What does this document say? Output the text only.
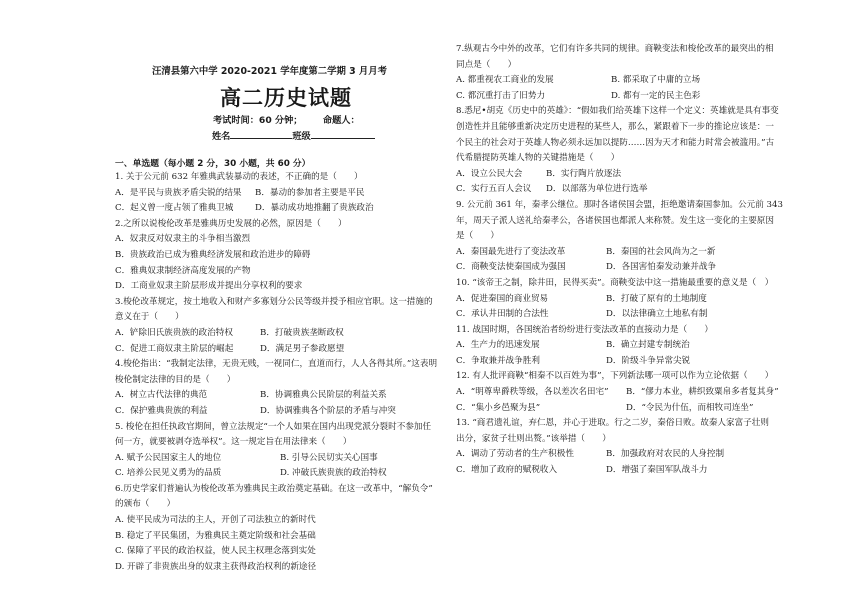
汪清县第六中学 2020-2021 学年度第二学期 3 月月考
高二历史试题
考试时间：60 分钟； 命题人：
姓名	班级
一、单选题（每小题 2 分，30 小题，共 60 分）
1. 关于公元前 632 年雅典武装暴动的表述，不正确的是（　　）
A．是平民与贵族矛盾尖锐的结果	B．暴动的参加者主要是平民
C．起义曾一度占领了雅典卫城	D．暴动成功地推翻了贵族政治
2.之所以说梭伦改革是雅典历史发展的必然，原因是（　　）
A．奴隶反对奴隶主的斗争相当激烈
B．贵族政治已成为雅典经济发展和政治进步的障碍
C．雅典奴隶制经济高度发展的产物
D．工商业奴隶主阶层形成并提出分享权利的要求
3.梭伦改革规定，按土地收入和财产多寡划分公民等级并授予相应官职。这一措施的
意义在于（　　）
A．铲除旧氏族贵族的政治特权	B．打破贵族垄断政权
C．促进工商奴隶主阶层的崛起	D．满足男子参政愿望
4.梭伦指出：“我制定法律，无贵无贱，一视同仁，直道而行，人人各得其所。”这表明
梭伦制定法律的目的是（　　）
A．树立古代法律的典范	B．协调雅典公民阶层的利益关系
C．保护雅典贵族的利益	D．协调雅典各个阶层的矛盾与冲突
5. 梭伦在担任执政官期间，曾立法规定“一个人如果在国内出现党派分裂时不参加任
何一方，就要被剥夺选举权”。这一规定旨在用法律来（　　）
A. 赋予公民国家主人的地位	B. 引导公民切实关心国事
C. 培养公民见义勇为的品质	D. 冲破氏族贵族的政治特权
6.历史学家们普遍认为梭伦改革为雅典民主政治奠定基础。在这一改革中，“解负令”
的颁布（　　）
A. 使平民成为司法的主人，开创了司法独立的新时代
B. 稳定了平民集团，为雅典民主奠定阶级和社会基础
C. 保障了平民的政治权益，使人民主权理念落到实处
D. 开辟了非贵族出身的奴隶主获得政治权利的新途径
7.纵观古今中外的改革，它们有许多共同的规律。商鞅变法和梭伦改革的最突出的相
同点是（　　）
A. 都重视农工商业的发展	B. 都采取了中庸的立场
C. 都沉重打击了旧势力	D. 都有一定的民主色彩
8.悉尼•胡克《历史中的英雄》：“假如我们给英雄下这样一个定义：英雄就是具有事变
创造性并且能够重新决定历史进程的某些人，那么，紧跟着下一步的推论应该是：一
个民主的社会对于英雄人物必须永远加以提防……因为天才和能力时常会被滥用。”古
代希腊提防英雄人物的关键措施是（　　）
A．设立公民大会	B．实行陶片放逐法
C．实行五百人会议	D．以部落为单位进行选举
9. 公元前 361 年，秦孝公继位。那时各诸侯国会盟，拒绝邀请秦国参加。公元前 343
年，周天子派人送礼给秦孝公，各诸侯国也都派人来称赞。发生这一变化的主要原因
是（　　）
A．秦国最先进行了变法改革	B．秦国的社会风尚为之一新
C．商鞅变法使秦国成为强国	D．各国害怕秦发动兼并战争
10. “该帝王之制，除井田，民得买卖”。商鞅变法中这一措施最重要的意义是（　）
A．促进秦国的商业贸易	B．打破了原有的土地制度
C．承认井田制的合法性	D．以法律确立土地私有制
11. 战国时期，各国统治者纷纷进行变法改革的直接动力是（　　）
A．生产力的迅速发展	B．确立封建专制统治
C．争取兼并战争胜利	D．阶级斗争异常尖锐
12. 有人批评商鞅“相秦不以百姓为事”，下列新法哪一项可以作为立论依据（　　）
A．“明尊卑爵秩等级，各以差次名田宅”	B．“僇力本业，耕织致粟帛多者复其身”
C．“集小乡邑聚为县”	D．“令民为什伍，而相牧司连坐”
13. “商君遗礼谊，弃仁恩，并心于进取。行之二岁，秦俗日败。故秦人家富子壮则
出分，家贫子壮则出赘。”该举措（　　）
A．调动了劳动者的生产积极性	B．加强政府对农民的人身控制
C．增加了政府的赋税收入	D．增强了秦国军队战斗力
